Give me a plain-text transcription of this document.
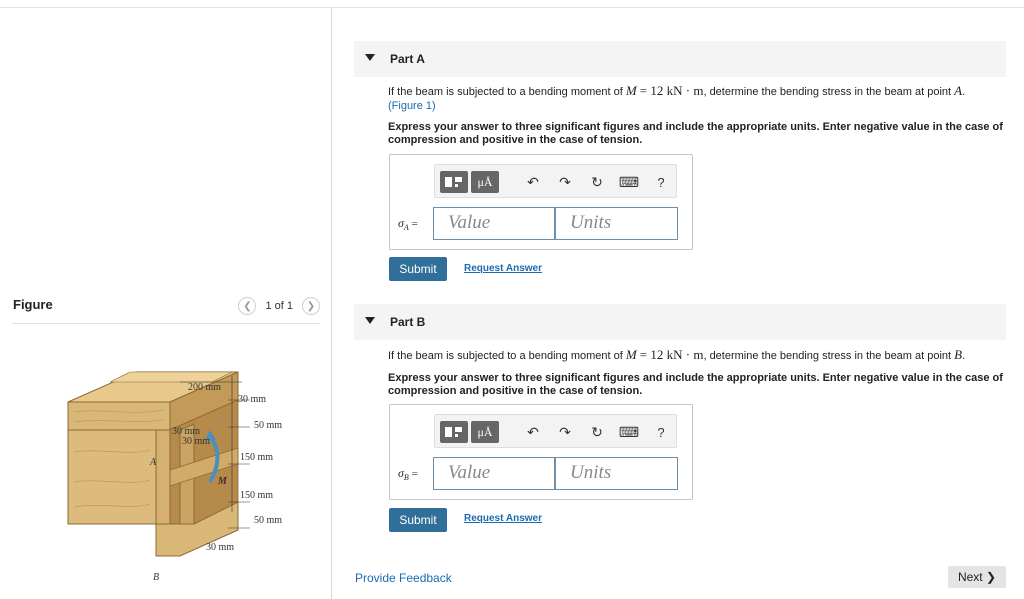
Figure	❮ 1 of 1 ❯
200 mm
30 mm
50 mm
30 mm
30 mm
150 mm
150 mm
50 mm
30 mm
A
B
M
Part A
If the beam is subjected to a bending moment of M = 12 kN · m, determine the bending stress in the beam at point A.
(Figure 1)
Express your answer to three significant figures and include the appropriate units. Enter negative value in the case of compression and positive in the case of tension.
μÅ	↶ ↷ ↻ ⌨	?
$\sigma_A$ =	Value	Units
Submit	Request Answer
Part B
If the beam is subjected to a bending moment of M = 12 kN · m, determine the bending stress in the beam at point B.
Express your answer to three significant figures and include the appropriate units. Enter negative value in the case of compression and positive in the case of tension.
μÅ	↶ ↷ ↻ ⌨	?
$\sigma_B$ =	Value	Units
Submit	Request Answer
Provide Feedback	Next ❯
